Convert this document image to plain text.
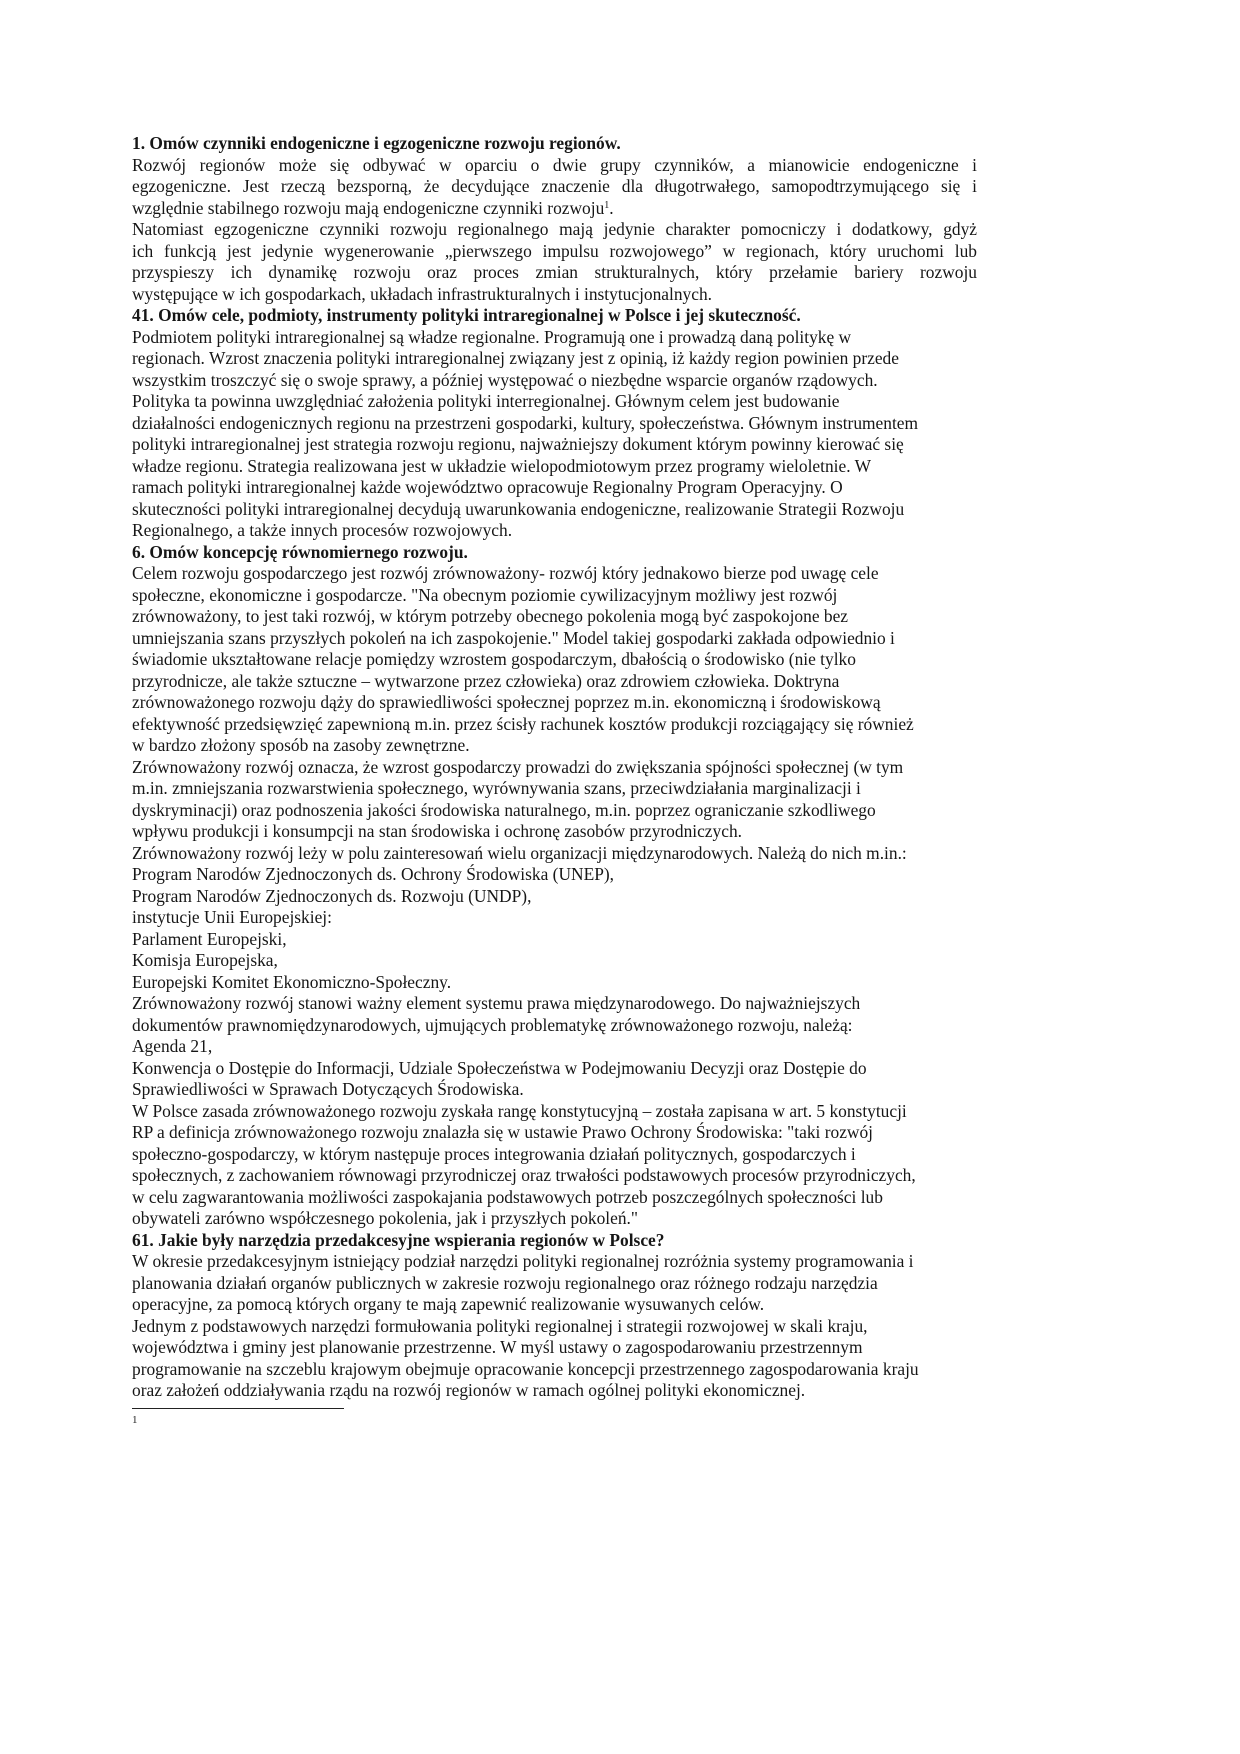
1. Omów czynniki endogeniczne i egzogeniczne rozwoju regionów.
Rozwój regionów może się odbywać w oparciu o dwie grupy czynników, a mianowicie endogeniczne i
egzogeniczne. Jest rzeczą bezsporną, że decydujące znaczenie dla długotrwałego, samopodtrzymującego się i
względnie stabilnego rozwoju mają endogeniczne czynniki rozwoju$^1$.
Natomiast egzogeniczne czynniki rozwoju regionalnego mają jedynie charakter pomocniczy i dodatkowy, gdyż
ich funkcją jest jedynie wygenerowanie „pierwszego impulsu rozwojowego” w regionach, który uruchomi lub
przyspieszy ich dynamikę rozwoju oraz proces zmian strukturalnych, który przełamie bariery rozwoju
występujące w ich gospodarkach, układach infrastrukturalnych i instytucjonalnych.
41. Omów cele, podmioty, instrumenty polityki intraregionalnej w Polsce i jej skuteczność.
Podmiotem polityki intraregionalnej są władze regionalne. Programują one i prowadzą daną politykę w
regionach. Wzrost znaczenia polityki intraregionalnej związany jest z opinią, iż każdy region powinien przede
wszystkim troszczyć się o swoje sprawy, a później występować o niezbędne wsparcie organów rządowych.
Polityka ta powinna uwzględniać założenia polityki interregionalnej. Głównym celem jest budowanie
działalności endogenicznych regionu na przestrzeni gospodarki, kultury, społeczeństwa. Głównym instrumentem
polityki intraregionalnej jest strategia rozwoju regionu, najważniejszy dokument którym powinny kierować się
władze regionu. Strategia realizowana jest w układzie wielopodmiotowym przez programy wieloletnie. W
ramach polityki intraregionalnej każde województwo opracowuje Regionalny Program Operacyjny. O
skuteczności polityki intraregionalnej decydują uwarunkowania endogeniczne, realizowanie Strategii Rozwoju
Regionalnego, a także innych procesów rozwojowych.
6. Omów koncepcję równomiernego rozwoju.
Celem rozwoju gospodarczego jest rozwój zrównoważony- rozwój który jednakowo bierze pod uwagę cele
społeczne, ekonomiczne i gospodarcze. "Na obecnym poziomie cywilizacyjnym możliwy jest rozwój
zrównoważony, to jest taki rozwój, w którym potrzeby obecnego pokolenia mogą być zaspokojone bez
umniejszania szans przyszłych pokoleń na ich zaspokojenie." Model takiej gospodarki zakłada odpowiednio i
świadomie ukształtowane relacje pomiędzy wzrostem gospodarczym, dbałością o środowisko (nie tylko
przyrodnicze, ale także sztuczne – wytwarzone przez człowieka) oraz zdrowiem człowieka. Doktryna
zrównoważonego rozwoju dąży do sprawiedliwości społecznej poprzez m.in. ekonomiczną i środowiskową
efektywność przedsięwzięć zapewnioną m.in. przez ścisły rachunek kosztów produkcji rozciągający się również
w bardzo złożony sposób na zasoby zewnętrzne.
Zrównoważony rozwój oznacza, że wzrost gospodarczy prowadzi do zwiększania spójności społecznej (w tym
m.in. zmniejszania rozwarstwienia społecznego, wyrównywania szans, przeciwdziałania marginalizacji i
dyskryminacji) oraz podnoszenia jakości środowiska naturalnego, m.in. poprzez ograniczanie szkodliwego
wpływu produkcji i konsumpcji na stan środowiska i ochronę zasobów przyrodniczych.
Zrównoważony rozwój leży w polu zainteresowań wielu organizacji międzynarodowych. Należą do nich m.in.:
Program Narodów Zjednoczonych ds. Ochrony Środowiska (UNEP),
Program Narodów Zjednoczonych ds. Rozwoju (UNDP),
instytucje Unii Europejskiej:
Parlament Europejski,
Komisja Europejska,
Europejski Komitet Ekonomiczno-Społeczny.
Zrównoważony rozwój stanowi ważny element systemu prawa międzynarodowego. Do najważniejszych
dokumentów prawnomiędzynarodowych, ujmujących problematykę zrównoważonego rozwoju, należą:
Agenda 21,
Konwencja o Dostępie do Informacji, Udziale Społeczeństwa w Podejmowaniu Decyzji oraz Dostępie do
Sprawiedliwości w Sprawach Dotyczących Środowiska.
W Polsce zasada zrównoważonego rozwoju zyskała rangę konstytucyjną – została zapisana w art. 5 konstytucji
RP a definicja zrównoważonego rozwoju znalazła się w ustawie Prawo Ochrony Środowiska: "taki rozwój
społeczno-gospodarczy, w którym następuje proces integrowania działań politycznych, gospodarczych i
społecznych, z zachowaniem równowagi przyrodniczej oraz trwałości podstawowych procesów przyrodniczych,
w celu zagwarantowania możliwości zaspokajania podstawowych potrzeb poszczególnych społeczności lub
obywateli zarówno współczesnego pokolenia, jak i przyszłych pokoleń."
61. Jakie były narzędzia przedakcesyjne wspierania regionów w Polsce?
W okresie przedakcesyjnym istniejący podział narzędzi polityki regionalnej rozróżnia systemy programowania i
planowania działań organów publicznych w zakresie rozwoju regionalnego oraz różnego rodzaju narzędzia
operacyjne, za pomocą których organy te mają zapewnić realizowanie wysuwanych celów.
Jednym z podstawowych narzędzi formułowania polityki regionalnej i strategii rozwojowej w skali kraju,
województwa i gminy jest planowanie przestrzenne. W myśl ustawy o zagospodarowaniu przestrzennym
programowanie na szczeblu krajowym obejmuje opracowanie koncepcji przestrzennego zagospodarowania kraju
oraz założeń oddziaływania rządu na rozwój regionów w ramach ogólnej polityki ekonomicznej.
1
